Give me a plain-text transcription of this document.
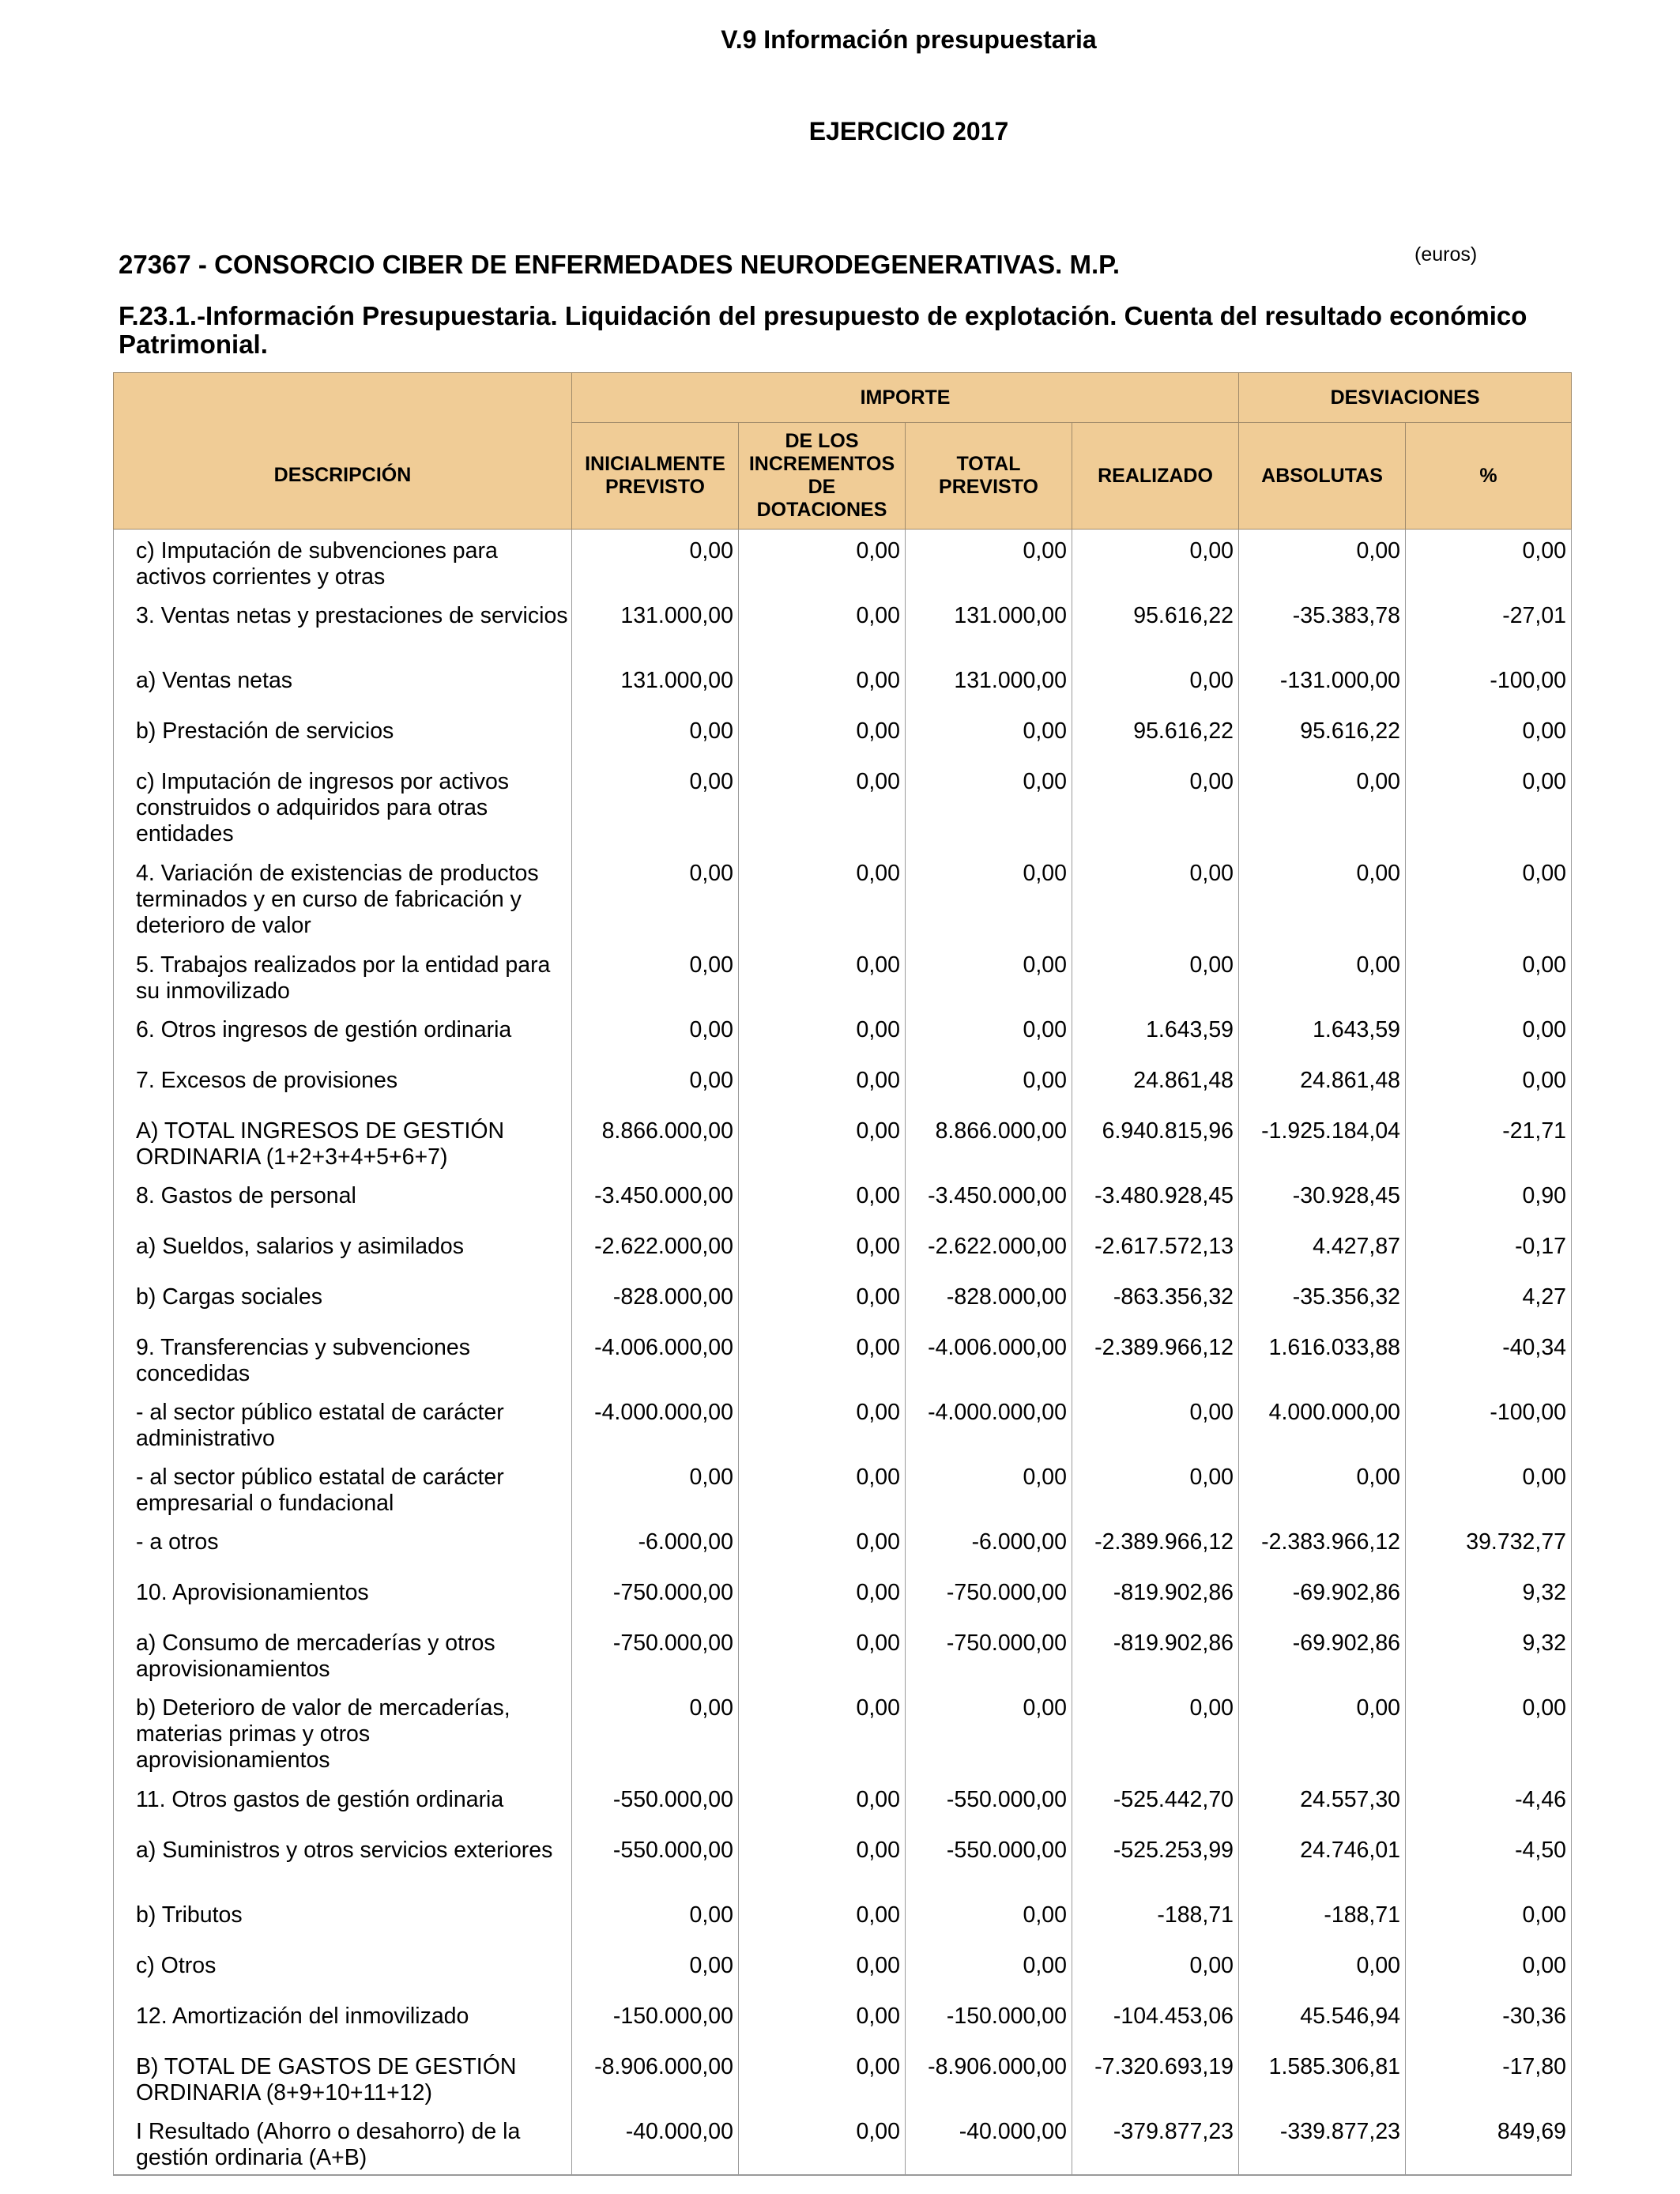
V.9 Información presupuestaria
EJERCICIO 2017
(euros)
27367 - CONSORCIO CIBER DE ENFERMEDADES NEURODEGENERATIVAS. M.P.
F.23.1.-Información Presupuestaria. Liquidación del presupuesto de explotación. Cuenta del resultado económico Patrimonial.
	IMPORTE				DESVIACIONES	
DESCRIPCIÓN	INICIALMENTE PREVISTO	DE LOS INCREMENTOS DE DOTACIONES	TOTAL PREVISTO	REALIZADO	ABSOLUTAS	%
c) Imputación de subvenciones para activos corrientes y otras	0,00	0,00	0,00	0,00	0,00	0,00
3. Ventas netas y prestaciones de servicios	131.000,00	0,00	131.000,00	95.616,22	-35.383,78	-27,01
a) Ventas netas	131.000,00	0,00	131.000,00	0,00	-131.000,00	-100,00
b) Prestación de servicios	0,00	0,00	0,00	95.616,22	95.616,22	0,00
c) Imputación de ingresos por activos construidos o adquiridos para otras entidades	0,00	0,00	0,00	0,00	0,00	0,00
4. Variación de existencias de productos terminados y en curso de fabricación y deterioro de valor	0,00	0,00	0,00	0,00	0,00	0,00
5. Trabajos realizados por la entidad para su inmovilizado	0,00	0,00	0,00	0,00	0,00	0,00
6. Otros ingresos de gestión ordinaria	0,00	0,00	0,00	1.643,59	1.643,59	0,00
7. Excesos de provisiones	0,00	0,00	0,00	24.861,48	24.861,48	0,00
A) TOTAL INGRESOS DE GESTIÓN ORDINARIA (1+2+3+4+5+6+7)	8.866.000,00	0,00	8.866.000,00	6.940.815,96	-1.925.184,04	-21,71
8. Gastos de personal	-3.450.000,00	0,00	-3.450.000,00	-3.480.928,45	-30.928,45	0,90
a) Sueldos, salarios y asimilados	-2.622.000,00	0,00	-2.622.000,00	-2.617.572,13	4.427,87	-0,17
b) Cargas sociales	-828.000,00	0,00	-828.000,00	-863.356,32	-35.356,32	4,27
9. Transferencias y subvenciones concedidas	-4.006.000,00	0,00	-4.006.000,00	-2.389.966,12	1.616.033,88	-40,34
- al sector público estatal de carácter administrativo	-4.000.000,00	0,00	-4.000.000,00	0,00	4.000.000,00	-100,00
- al sector público estatal de carácter empresarial o fundacional	0,00	0,00	0,00	0,00	0,00	0,00
- a otros	-6.000,00	0,00	-6.000,00	-2.389.966,12	-2.383.966,12	39.732,77
10. Aprovisionamientos	-750.000,00	0,00	-750.000,00	-819.902,86	-69.902,86	9,32
a) Consumo de mercaderías y otros aprovisionamientos	-750.000,00	0,00	-750.000,00	-819.902,86	-69.902,86	9,32
b) Deterioro de valor de mercaderías, materias primas y otros aprovisionamientos	0,00	0,00	0,00	0,00	0,00	0,00
11. Otros gastos de gestión ordinaria	-550.000,00	0,00	-550.000,00	-525.442,70	24.557,30	-4,46
a) Suministros y otros servicios exteriores	-550.000,00	0,00	-550.000,00	-525.253,99	24.746,01	-4,50
b) Tributos	0,00	0,00	0,00	-188,71	-188,71	0,00
c) Otros	0,00	0,00	0,00	0,00	0,00	0,00
12. Amortización del inmovilizado	-150.000,00	0,00	-150.000,00	-104.453,06	45.546,94	-30,36
B) TOTAL DE GASTOS DE GESTIÓN ORDINARIA (8+9+10+11+12)	-8.906.000,00	0,00	-8.906.000,00	-7.320.693,19	1.585.306,81	-17,80
I Resultado (Ahorro o desahorro) de la gestión ordinaria (A+B)	-40.000,00	0,00	-40.000,00	-379.877,23	-339.877,23	849,69
